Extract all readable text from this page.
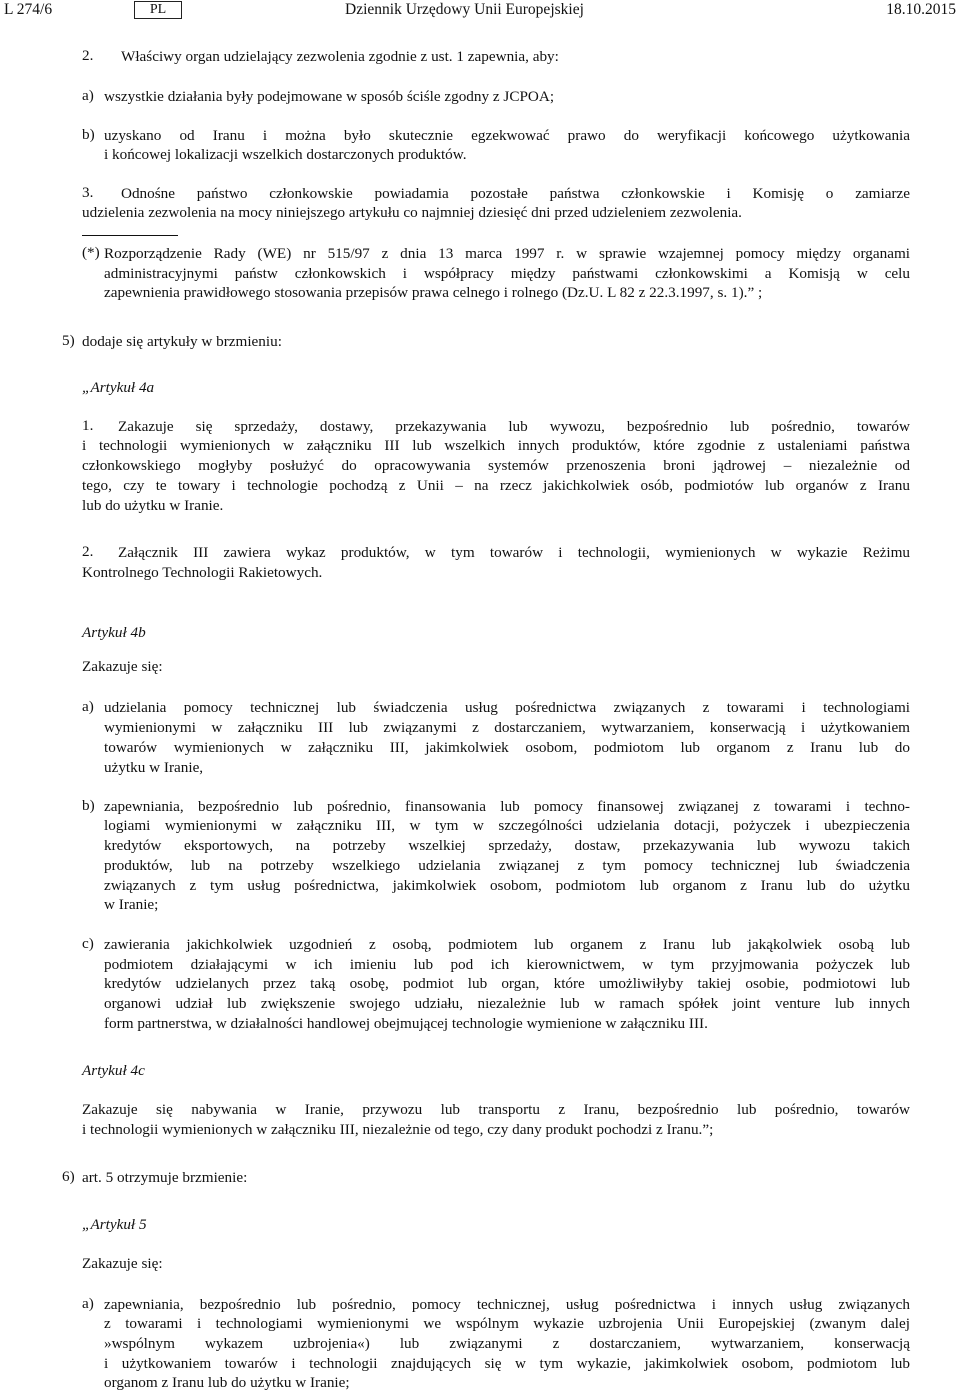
L 274/6	PL	Dziennik Urzędowy Unii Europejskiej	18.10.2015
2. Właściwy organ udzielający zezwolenia zgodnie z ust. 1 zapewnia, aby:

a) wszystkie działania były podejmowane w sposób ściśle zgodny z JCPOA;

b) uzyskano od Iranu i można było skutecznie egzekwować prawo do weryfikacji końcowego użytkowania

i końcowej lokalizacji wszelkich dostarczonych produktów.

3. Odnośne państwo członkowskie powiadamia pozostałe państwa członkowskie i Komisję o zamiarze

udzielenia zezwolenia na mocy niniejszego artykułu co najmniej dziesięć dni przed udzieleniem zezwolenia.

(*) Rozporządzenie Rady (WE) nr 515/97 z dnia 13 marca 1997 r. w sprawie wzajemnej pomocy między organami

administracyjnymi państw członkowskich i współpracy między państwami członkowskimi a Komisją w celu

zapewnienia prawidłowego stosowania przepisów prawa celnego i rolnego (Dz.U. L 82 z 22.3.1997, s. 1).” ;

5) dodaje się artykuły w brzmieniu:

„Artykuł 4a

1. Zakazuje się sprzedaży, dostawy, przekazywania lub wywozu, bezpośrednio lub pośrednio, towarów

i technologii wymienionych w załączniku III lub wszelkich innych produktów, które zgodnie z ustaleniami państwa

członkowskiego mogłyby posłużyć do opracowywania systemów przenoszenia broni jądrowej – niezależnie od

tego, czy te towary i technologie pochodzą z Unii – na rzecz jakichkolwiek osób, podmiotów lub organów z Iranu

lub do użytku w Iranie.

2. Załącznik III zawiera wykaz produktów, w tym towarów i technologii, wymienionych w wykazie Reżimu

Kontrolnego Technologii Rakietowych.

Artykuł 4b

Zakazuje się:

a) udzielania pomocy technicznej lub świadczenia usług pośrednictwa związanych z towarami i technologiami

wymienionymi w załączniku III lub związanymi z dostarczaniem, wytwarzaniem, konserwacją i użytkowaniem

towarów wymienionych w załączniku III, jakimkolwiek osobom, podmiotom lub organom z Iranu lub do

użytku w Iranie,

b) zapewniania, bezpośrednio lub pośrednio, finansowania lub pomocy finansowej związanej z towarami i techno-

logiami wymienionymi w załączniku III, w tym w szczególności udzielania dotacji, pożyczek i ubezpieczenia

kredytów eksportowych, na potrzeby wszelkiej sprzedaży, dostaw, przekazywania lub wywozu takich

produktów, lub na potrzeby wszelkiego udzielania związanej z tym pomocy technicznej lub świadczenia

związanych z tym usług pośrednictwa, jakimkolwiek osobom, podmiotom lub organom z Iranu lub do użytku

w Iranie;

c) zawierania jakichkolwiek uzgodnień z osobą, podmiotem lub organem z Iranu lub jakąkolwiek osobą lub

podmiotem działającymi w ich imieniu lub pod ich kierownictwem, w tym przyjmowania pożyczek lub

kredytów udzielanych przez taką osobę, podmiot lub organ, które umożliwiłyby takiej osobie, podmiotowi lub

organowi udział lub zwiększenie swojego udziału, niezależnie lub w ramach spółek joint venture lub innych

form partnerstwa, w działalności handlowej obejmującej technologie wymienione w załączniku III.

Artykuł 4c

Zakazuje się nabywania w Iranie, przywozu lub transportu z Iranu, bezpośrednio lub pośrednio, towarów

i technologii wymienionych w załączniku III, niezależnie od tego, czy dany produkt pochodzi z Iranu.”;

6) art. 5 otrzymuje brzmienie:

„Artykuł 5

Zakazuje się:

a) zapewniania, bezpośrednio lub pośrednio, pomocy technicznej, usług pośrednictwa i innych usług związanych

z towarami i technologiami wymienionymi we wspólnym wykazie uzbrojenia Unii Europejskiej (zwanym dalej

»wspólnym wykazem uzbrojenia«) lub związanymi z dostarczaniem, wytwarzaniem, konserwacją

i użytkowaniem towarów i technologii znajdujących się w tym wykazie, jakimkolwiek osobom, podmiotom lub

organom z Iranu lub do użytku w Iranie;
